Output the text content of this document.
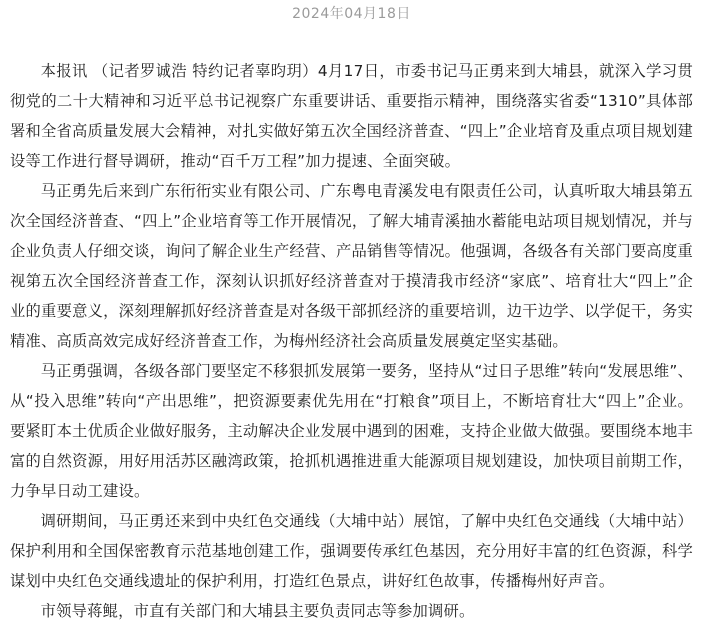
2024年04月18日

本报讯 （记者罗诚浩 特约记者辜昀玥）4月17日，市委书记马正勇来到大埔县，就深入学习贯彻党的二十大精神和习近平总书记视察广东重要讲话、重要指示精神，围绕落实省委“1310”具体部署和全省高质量发展大会精神，对扎实做好第五次全国经济普查、“四上”企业培育及重点项目规划建设等工作进行督导调研，推动“百千万工程”加力提速、全面突破。

马正勇先后来到广东衎衎实业有限公司、广东粤电青溪发电有限责任公司，认真听取大埔县第五次全国经济普查、“四上”企业培育等工作开展情况，了解大埔青溪抽水蓄能电站项目规划情况，并与企业负责人仔细交谈，询问了解企业生产经营、产品销售等情况。他强调，各级各有关部门要高度重视第五次全国经济普查工作，深刻认识抓好经济普查对于摸清我市经济“家底”、培育壮大“四上”企业的重要意义，深刻理解抓好经济普查是对各级干部抓经济的重要培训，边干边学、以学促干，务实精准、高质高效完成好经济普查工作，为梅州经济社会高质量发展奠定坚实基础。

马正勇强调，各级各部门要坚定不移狠抓发展第一要务，坚持从“过日子思维”转向“发展思维”、从“投入思维”转向“产出思维”，把资源要素优先用在“打粮食”项目上，不断培育壮大“四上”企业。要紧盯本土优质企业做好服务，主动解决企业发展中遇到的困难，支持企业做大做强。要围绕本地丰富的自然资源，用好用活苏区融湾政策，抢抓机遇推进重大能源项目规划建设，加快项目前期工作，力争早日动工建设。

调研期间，马正勇还来到中央红色交通线（大埔中站）展馆，了解中央红色交通线（大埔中站）保护利用和全国保密教育示范基地创建工作，强调要传承红色基因，充分用好丰富的红色资源，科学谋划中央红色交通线遗址的保护利用，打造红色景点，讲好红色故事，传播梅州好声音。

市领导蒋鲲，市直有关部门和大埔县主要负责同志等参加调研。
